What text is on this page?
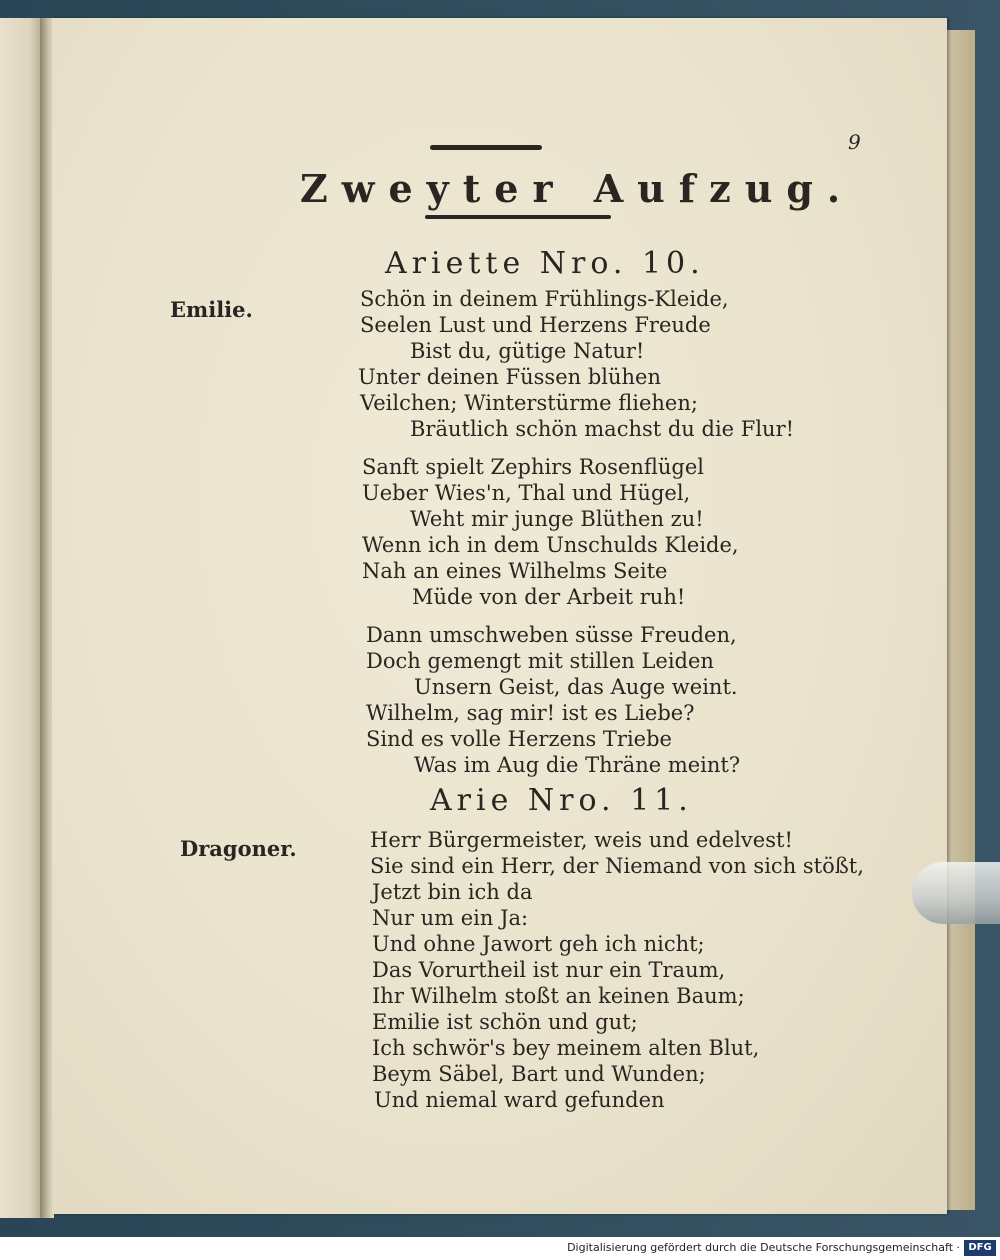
9
Zweyter Aufzug.
Ariette Nro. 10.
Emilie.	Schön in deinem Frühlings-Kleide,
Seelen Lust und Herzens Freude
Bist du, gütige Natur!
Unter deinen Füssen blühen
Veilchen; Winterstürme fliehen;
Bräutlich schön machst du die Flur!
Sanft spielt Zephirs Rosenflügel
Ueber Wies'n, Thal und Hügel,
Weht mir junge Blüthen zu!
Wenn ich in dem Unschulds Kleide,
Nah an eines Wilhelms Seite
Müde von der Arbeit ruh!
Dann umschweben süsse Freuden,
Doch gemengt mit stillen Leiden
Unsern Geist, das Auge weint.
Wilhelm, sag mir! ist es Liebe?
Sind es volle Herzens Triebe
Was im Aug die Thräne meint?
Arie Nro. 11.
Dragoner.	Herr Bürgermeister, weis und edelvest!
Sie sind ein Herr, der Niemand von sich stößt,
Jetzt bin ich da
Nur um ein Ja:
Und ohne Jawort geh ich nicht;
Das Vorurtheil ist nur ein Traum,
Ihr Wilhelm stoßt an keinen Baum;
Emilie ist schön und gut;
Ich schwör's bey meinem alten Blut,
Beym Säbel, Bart und Wunden;
Und niemal ward gefunden
Digitalisierung gefördert durch die Deutsche Forschungsgemeinschaft · DFG
